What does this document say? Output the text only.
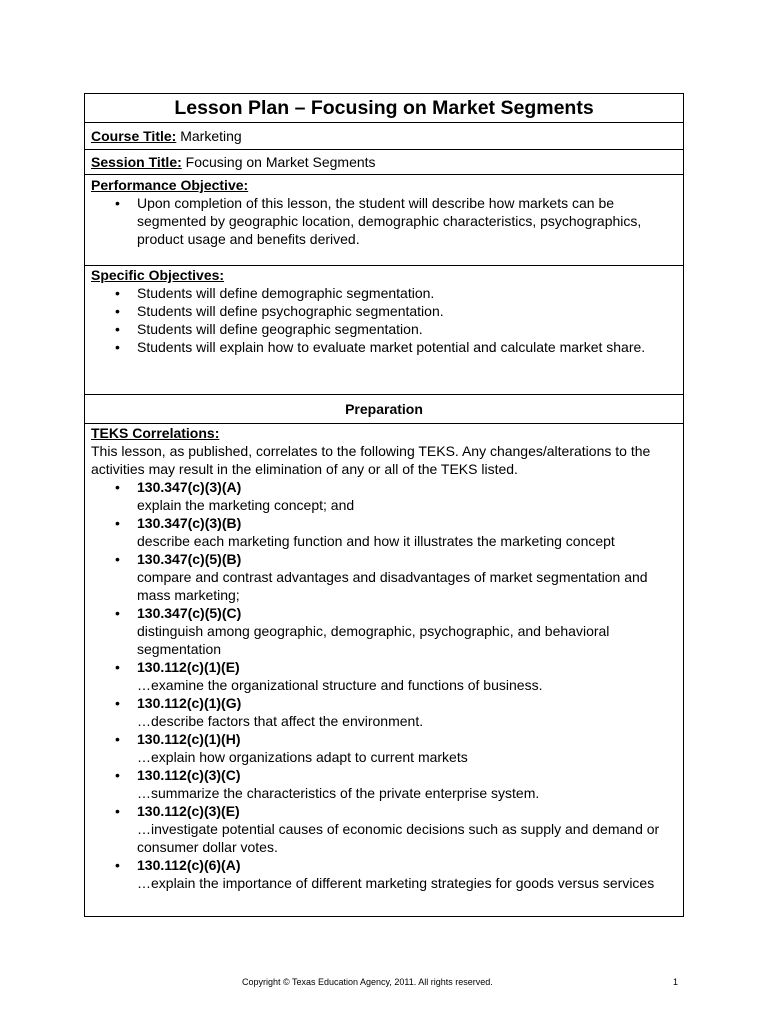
Lesson Plan – Focusing on Market Segments
Course Title: Marketing
Session Title: Focusing on Market Segments
Performance Objective:
• Upon completion of this lesson, the student will describe how markets can be segmented by geographic location, demographic characteristics, psychographics, product usage and benefits derived.
Specific Objectives:
• Students will define demographic segmentation.
• Students will define psychographic segmentation.
• Students will define geographic segmentation.
• Students will explain how to evaluate market potential and calculate market share.
Preparation
TEKS Correlations:
This lesson, as published, correlates to the following TEKS. Any changes/alterations to the activities may result in the elimination of any or all of the TEKS listed.
• 130.347(c)(3)(A)
explain the marketing concept; and
• 130.347(c)(3)(B)
describe each marketing function and how it illustrates the marketing concept
• 130.347(c)(5)(B)
compare and contrast advantages and disadvantages of market segmentation and mass marketing;
• 130.347(c)(5)(C)
distinguish among geographic, demographic, psychographic, and behavioral segmentation
• 130.112(c)(1)(E)
…examine the organizational structure and functions of business.
• 130.112(c)(1)(G)
…describe factors that affect the environment.
• 130.112(c)(1)(H)
…explain how organizations adapt to current markets
• 130.112(c)(3)(C)
…summarize the characteristics of the private enterprise system.
• 130.112(c)(3)(E)
…investigate potential causes of economic decisions such as supply and demand or consumer dollar votes.
• 130.112(c)(6)(A)
…explain the importance of different marketing strategies for goods versus services
Copyright © Texas Education Agency, 2011. All rights reserved.	1
